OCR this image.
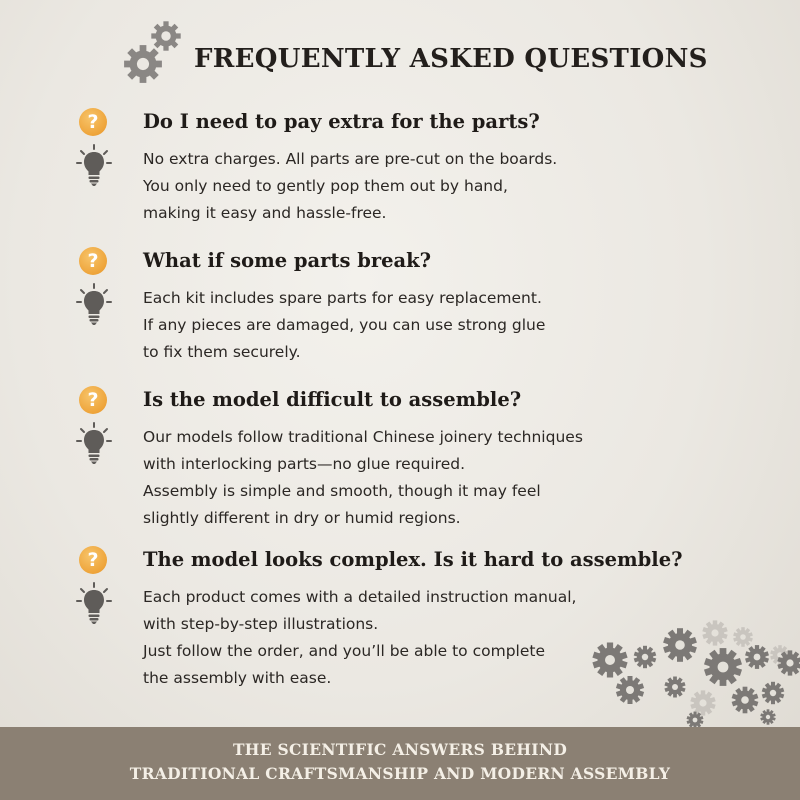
FREQUENTLY ASKED QUESTIONS
?	Do I need to pay extra for the parts?
No extra charges. All parts are pre-cut on the boards.
You only need to gently pop them out by hand,
making it easy and hassle-free.
?	What if some parts break?
Each kit includes spare parts for easy replacement.
If any pieces are damaged, you can use strong glue
to fix them securely.
?	Is the model difficult to assemble?
Our models follow traditional Chinese joinery techniques
with interlocking parts—no glue required.
Assembly is simple and smooth, though it may feel
slightly different in dry or humid regions.
?	The model looks complex. Is it hard to assemble?
Each product comes with a detailed instruction manual,
with step-by-step illustrations.
Just follow the order, and you’ll be able to complete
the assembly with ease.
THE SCIENTIFIC ANSWERS BEHIND
TRADITIONAL CRAFTSMANSHIP AND MODERN ASSEMBLY
